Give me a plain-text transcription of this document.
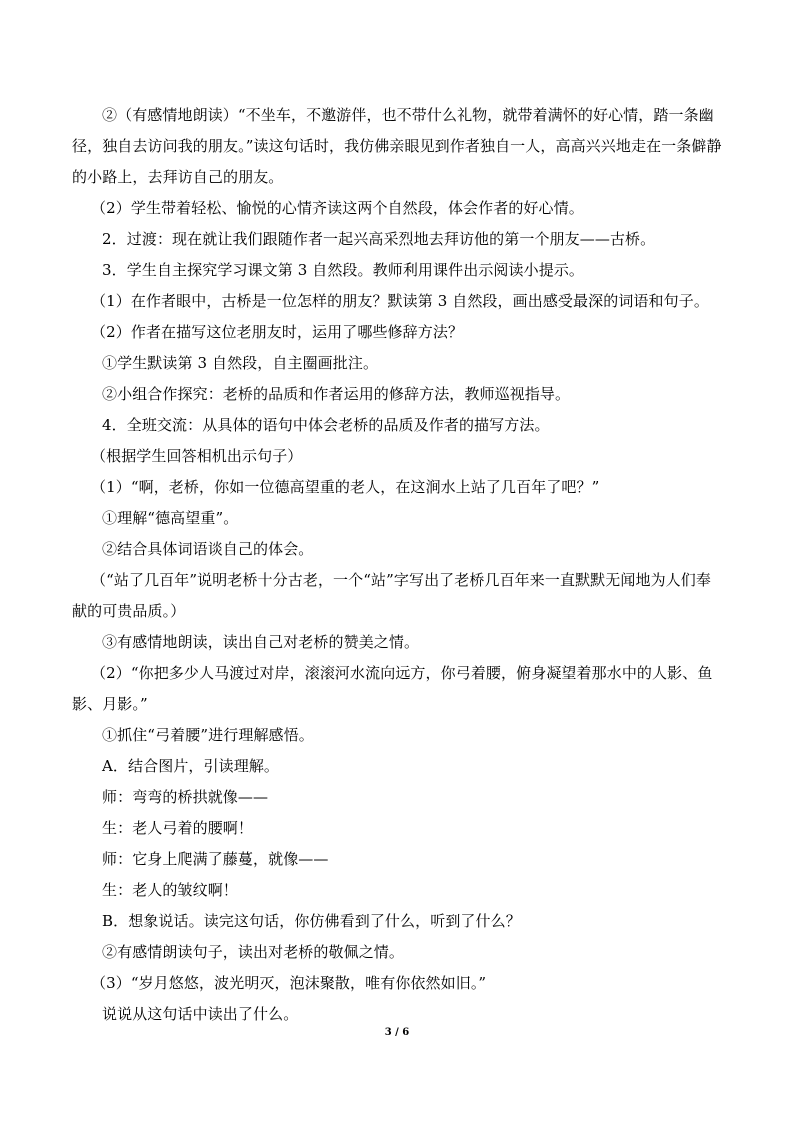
②（有感情地朗读）“不坐车，不邀游伴，也不带什么礼物，就带着满怀的好心情，踏一条幽径，独自去访问我的朋友。”读这句话时，我仿佛亲眼见到作者独自一人，高高兴兴地走在一条僻静的小路上，去拜访自己的朋友。

（2）学生带着轻松、愉悦的心情齐读这两个自然段，体会作者的好心情。

2．过渡：现在就让我们跟随作者一起兴高采烈地去拜访他的第一个朋友——古桥。

3．学生自主探究学习课文第 3 自然段。教师利用课件出示阅读小提示。

（1）在作者眼中，古桥是一位怎样的朋友？默读第 3 自然段，画出感受最深的词语和句子。

（2）作者在描写这位老朋友时，运用了哪些修辞方法？

①学生默读第 3 自然段，自主圈画批注。

②小组合作探究：老桥的品质和作者运用的修辞方法，教师巡视指导。

4．全班交流：从具体的语句中体会老桥的品质及作者的描写方法。

（根据学生回答相机出示句子）

（1）“啊，老桥，你如一位德高望重的老人，在这涧水上站了几百年了吧？”

①理解“德高望重”。

②结合具体词语谈自己的体会。

（“站了几百年”说明老桥十分古老，一个“站”字写出了老桥几百年来一直默默无闻地为人们奉献的可贵品质。）

③有感情地朗读，读出自己对老桥的赞美之情。

（2）“你把多少人马渡过对岸，滚滚河水流向远方，你弓着腰，俯身凝望着那水中的人影、鱼影、月影。”

①抓住“弓着腰”进行理解感悟。

A．结合图片，引读理解。

师：弯弯的桥拱就像——

生：老人弓着的腰啊！

师：它身上爬满了藤蔓，就像——

生：老人的皱纹啊！

B．想象说话。读完这句话，你仿佛看到了什么，听到了什么？

②有感情朗读句子，读出对老桥的敬佩之情。

（3）“岁月悠悠，波光明灭，泡沫聚散，唯有你依然如旧。”

说说从这句话中读出了什么。

3 / 6
